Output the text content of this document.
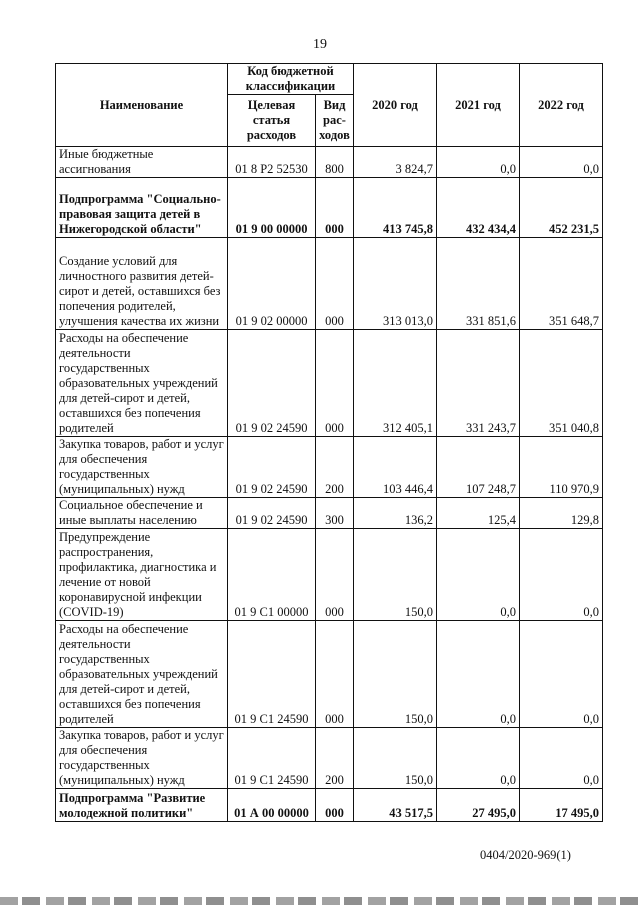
19
Наименование	Код бюджетной классификации		2020 год	2021 год	2022 год
	Целевая статья расходов	Вид рас-ходов			
Иные бюджетные ассигнования	01 8 P2 52530	800	3 824,7	0,0	0,0
Подпрограмма "Социально-правовая защита детей в Нижегородской области"	01 9 00 00000	000	413 745,8	432 434,4	452 231,5
Создание условий для личностного развития детей-сирот и детей, оставшихся без попечения родителей, улучшения качества их жизни	01 9 02 00000	000	313 013,0	331 851,6	351 648,7
Расходы на обеспечение деятельности государственных образовательных учреждений для детей-сирот и детей, оставшихся без попечения родителей	01 9 02 24590	000	312 405,1	331 243,7	351 040,8
Закупка товаров, работ и услуг для обеспечения государственных (муниципальных) нужд	01 9 02 24590	200	103 446,4	107 248,7	110 970,9
Социальное обеспечение и иные выплаты населению	01 9 02 24590	300	136,2	125,4	129,8
Предупреждение распространения, профилактика, диагностика и лечение от новой коронавирусной инфекции (COVID-19)	01 9 C1 00000	000	150,0	0,0	0,0
Расходы на обеспечение деятельности государственных образовательных учреждений для детей-сирот и детей, оставшихся без попечения родителей	01 9 C1 24590	000	150,0	0,0	0,0
Закупка товаров, работ и услуг для обеспечения государственных (муниципальных) нужд	01 9 C1 24590	200	150,0	0,0	0,0
Подпрограмма "Развитие молодежной политики"	01 А 00 00000	000	43 517,5	27 495,0	17 495,0
0404/2020-969(1)
